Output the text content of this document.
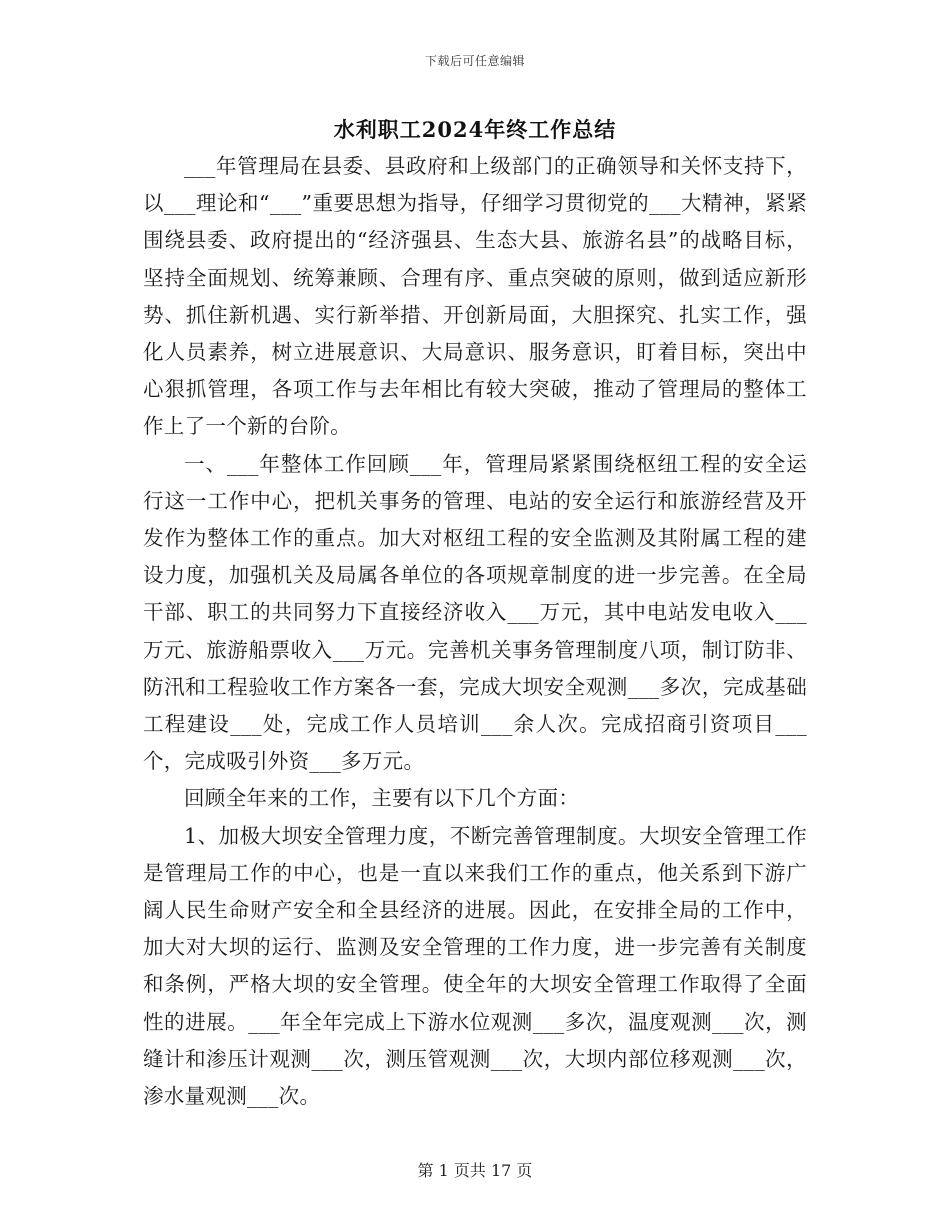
下载后可任意编辑
水利职工2024年终工作总结

___年管理局在县委、县政府和上级部门的正确领导和关怀支持下，以___理论和“___”重要思想为指导，仔细学习贯彻党的___大精神，紧紧围绕县委、政府提出的“经济强县、生态大县、旅游名县”的战略目标，坚持全面规划、统筹兼顾、合理有序、重点突破的原则，做到适应新形势、抓住新机遇、实行新举措、开创新局面，大胆探究、扎实工作，强化人员素养，树立进展意识、大局意识、服务意识，盯着目标，突出中心狠抓管理，各项工作与去年相比有较大突破，推动了管理局的整体工作上了一个新的台阶。

一、___年整体工作回顾___年，管理局紧紧围绕枢纽工程的安全运行这一工作中心，把机关事务的管理、电站的安全运行和旅游经营及开发作为整体工作的重点。加大对枢纽工程的安全监测及其附属工程的建设力度，加强机关及局属各单位的各项规章制度的进一步完善。在全局干部、职工的共同努力下直接经济收入___万元，其中电站发电收入___万元、旅游船票收入___万元。完善机关事务管理制度八项，制订防非、防汛和工程验收工作方案各一套，完成大坝安全观测___多次，完成基础工程建设___处，完成工作人员培训___余人次。完成招商引资项目___个，完成吸引外资___多万元。

回顾全年来的工作，主要有以下几个方面：

1、加极大坝安全管理力度，不断完善管理制度。大坝安全管理工作是管理局工作的中心，也是一直以来我们工作的重点，他关系到下游广阔人民生命财产安全和全县经济的进展。因此，在安排全局的工作中，加大对大坝的运行、监测及安全管理的工作力度，进一步完善有关制度和条例，严格大坝的安全管理。使全年的大坝安全管理工作取得了全面性的进展。___年全年完成上下游水位观测___多次，温度观测___次，测缝计和渗压计观测___次，测压管观测___次，大坝内部位移观测___次，渗水量观测___次。

第 1 页共 17 页
